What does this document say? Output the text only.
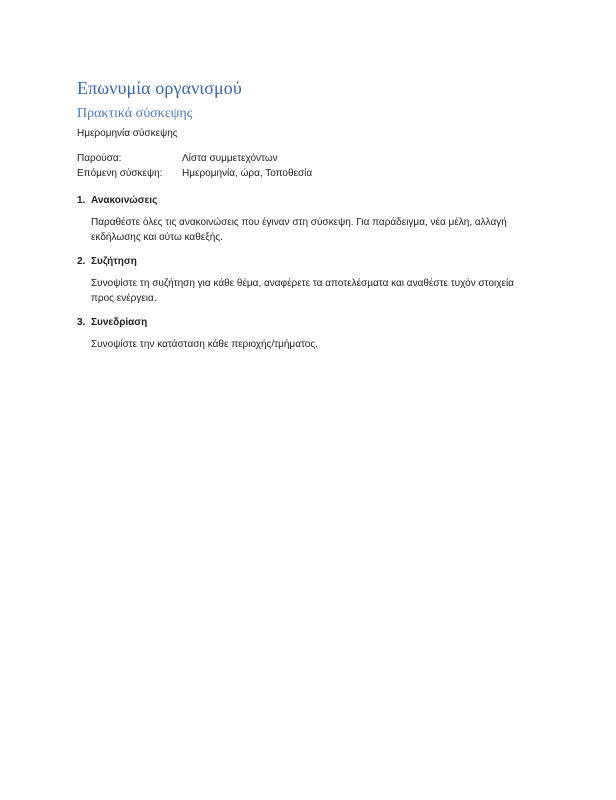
Επωνυμία οργανισμού
Πρακτικά σύσκεψης
Ημερομηνία σύσκεψης
Παρούσα:	Λίστα συμμετεχόντων
Επόμενη σύσκεψη: Ημερομηνία, ώρα, Τοποθεσία
1. Ανακοινώσεις
Παραθέστε όλες τις ανακοινώσεις που έγιναν στη σύσκεψη. Για παράδειγμα, νέα μέλη, αλλαγή εκδήλωσης και ούτω καθεξής.
2. Συζήτηση
Συνοψίστε τη συζήτηση για κάθε θέμα, αναφέρετε τα αποτελέσματα και αναθέστε τυχόν στοιχεία προς ενέργεια.
3. Συνεδρίαση
Συνοψίστε την κατάσταση κάθε περιοχής/τμήματος.
